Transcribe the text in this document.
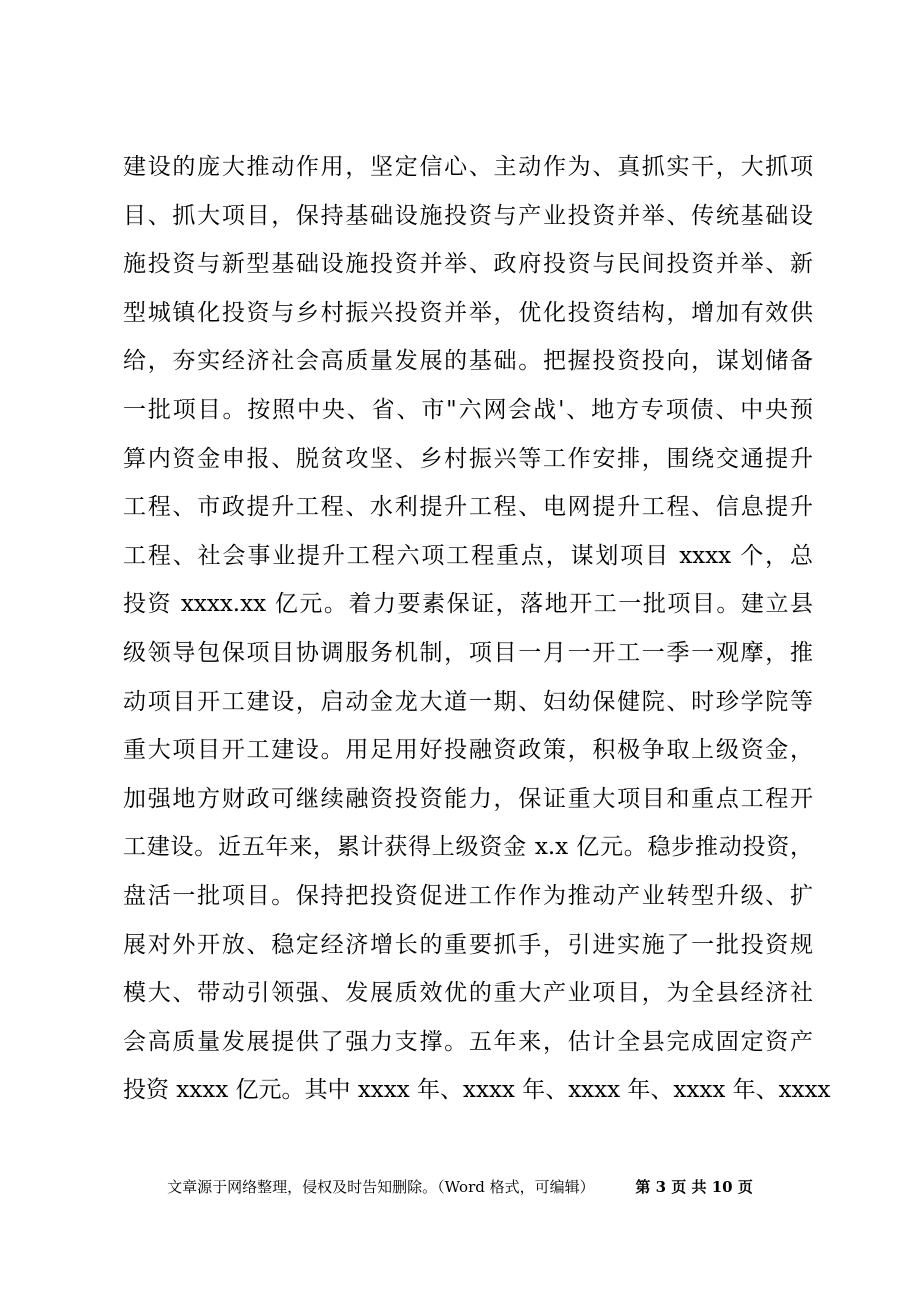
建设的庞大推动作用，坚定信心、主动作为、真抓实干，大抓项
目、抓大项目，保持基础设施投资与产业投资并举、传统基础设
施投资与新型基础设施投资并举、政府投资与民间投资并举、新
型城镇化投资与乡村振兴投资并举，优化投资结构，增加有效供
给，夯实经济社会高质量发展的基础。把握投资投向，谋划储备
一批项目。按照中央、省、市"六网会战'、地方专项债、中央预
算内资金申报、脱贫攻坚、乡村振兴等工作安排，围绕交通提升
工程、市政提升工程、水利提升工程、电网提升工程、信息提升
工程、社会事业提升工程六项工程重点，谋划项目 xxxx 个，总
投资 xxxx.xx 亿元。着力要素保证，落地开工一批项目。建立县
级领导包保项目协调服务机制，项目一月一开工一季一观摩，推
动项目开工建设，启动金龙大道一期、妇幼保健院、时珍学院等
重大项目开工建设。用足用好投融资政策，积极争取上级资金，
加强地方财政可继续融资投资能力，保证重大项目和重点工程开
工建设。近五年来，累计获得上级资金 x.x 亿元。稳步推动投资，
盘活一批项目。保持把投资促进工作作为推动产业转型升级、扩
展对外开放、稳定经济增长的重要抓手，引进实施了一批投资规
模大、带动引领强、发展质效优的重大产业项目，为全县经济社
会高质量发展提供了强力支撑。五年来，估计全县完成固定资产
投资 xxxx 亿元。其中 xxxx 年、xxxx 年、xxxx 年、xxxx 年、xxxx
文章源于网络整理，侵权及时告知删除。（Word 格式，可编辑）	第 3 页 共 10 页
